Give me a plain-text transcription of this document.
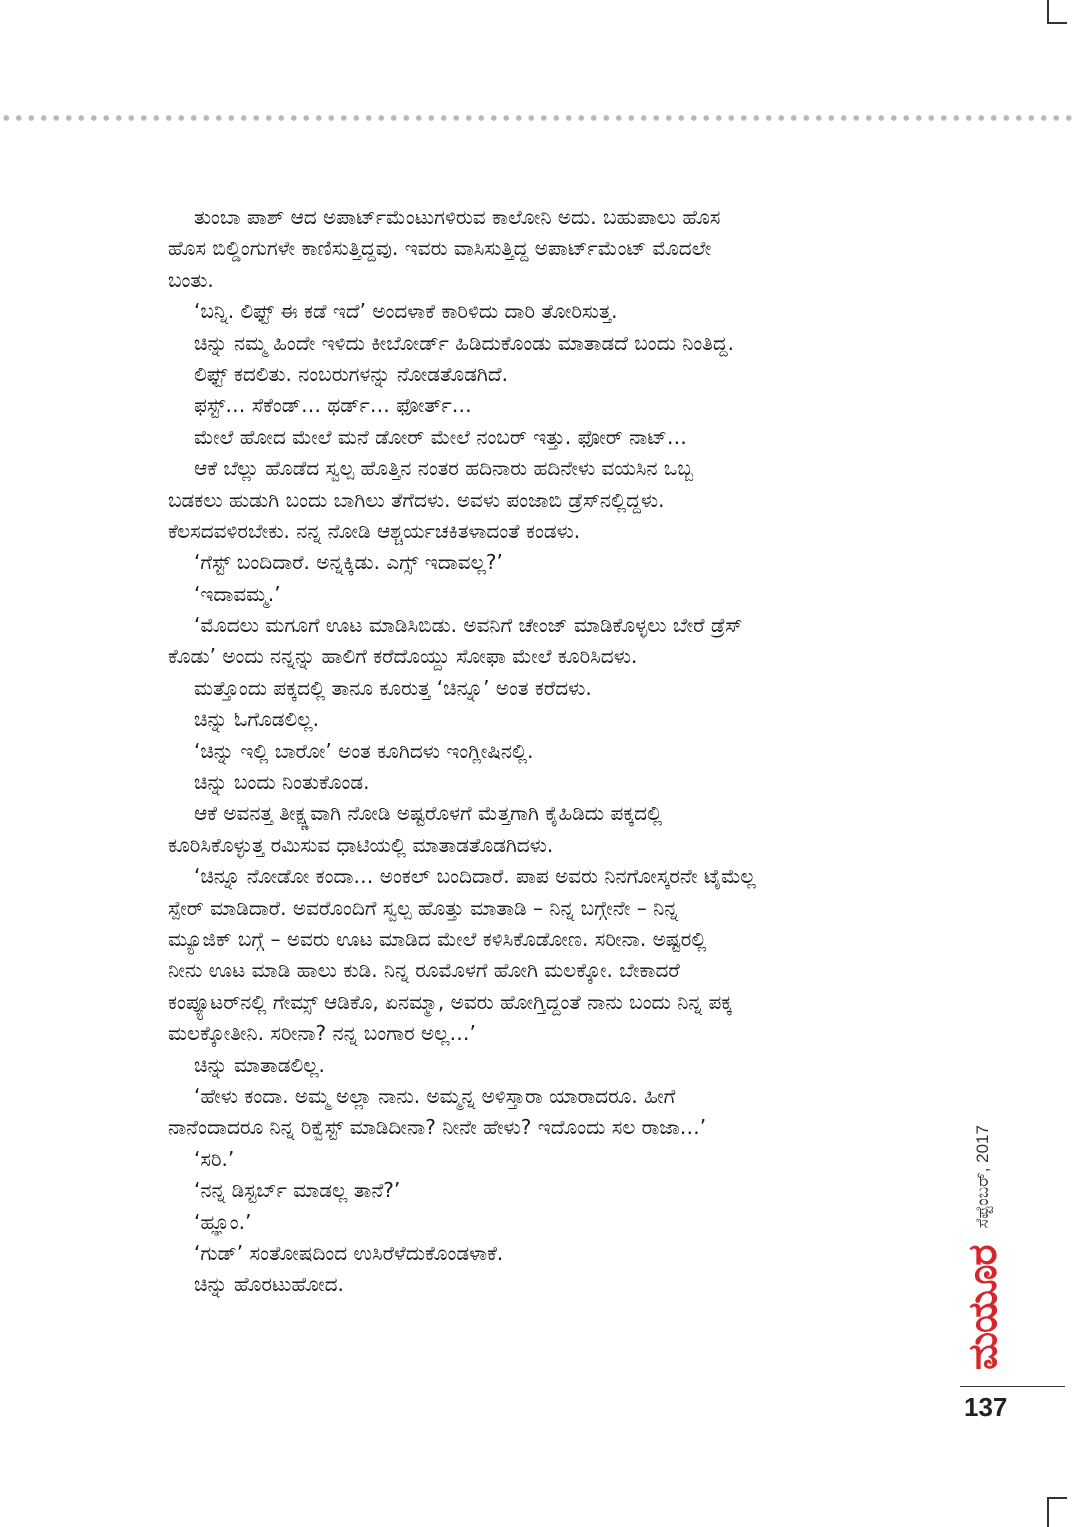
ತುಂಬಾ ಪಾಶ್ ಆದ ಅಪಾರ್ಟ್‌ಮೆಂಟುಗಳಿರುವ ಕಾಲೋನಿ ಅದು. ಬಹುಪಾಲು ಹೊಸ
ಹೊಸ ಬಿಲ್ಡಿಂಗುಗಳೇ ಕಾಣಿಸುತ್ತಿದ್ದವು. ಇವರು ವಾಸಿಸುತ್ತಿದ್ದ ಅಪಾರ್ಟ್‌ಮೆಂಟ್ ಮೊದಲೇ
ಬಂತು.
‘ಬನ್ನಿ. ಲಿಫ್ಟ್ ಈ ಕಡೆ ಇದೆ’ ಅಂದಳಾಕೆ ಕಾರಿಳಿದು ದಾರಿ ತೋರಿಸುತ್ತ.
ಚಿನ್ನು ನಮ್ಮ ಹಿಂದೇ ಇಳಿದು ಕೀಬೋರ್ಡ್ ಹಿಡಿದುಕೊಂಡು ಮಾತಾಡದೆ ಬಂದು ನಿಂತಿದ್ದ.
ಲಿಫ್ಟ್ ಕದಲಿತು. ನಂಬರುಗಳನ್ನು ನೋಡತೊಡಗಿದೆ.
ಫಸ್ಟ್… ಸೆಕೆಂಡ್… ಥರ್ಡ್… ಫೋರ್ತ್…
ಮೇಲೆ ಹೋದ ಮೇಲೆ ಮನೆ ಡೋರ್ ಮೇಲೆ ನಂಬರ್ ಇತ್ತು. ಫೋರ್ ನಾಟ್…
ಆಕೆ ಬೆಲ್ಲು ಹೊಡೆದ ಸ್ವಲ್ಪ ಹೊತ್ತಿನ ನಂತರ ಹದಿನಾರು ಹದಿನೇಳು ವಯಸಿನ ಒಬ್ಬ
ಬಡಕಲು ಹುಡುಗಿ ಬಂದು ಬಾಗಿಲು ತೆಗೆದಳು. ಅವಳು ಪಂಜಾಬಿ ಡ್ರೆಸ್‌ನಲ್ಲಿದ್ದಳು.
ಕೆಲಸದವಳಿರಬೇಕು. ನನ್ನ ನೋಡಿ ಆಶ್ಚರ್ಯಚಕಿತಳಾದಂತೆ ಕಂಡಳು.
‘ಗೆಸ್ಟ್ ಬಂದಿದಾರೆ. ಅನ್ನಕ್ಕಿಡು. ಎಗ್ಸ್ ಇದಾವಲ್ಲ?’
‘ಇದಾವಮ್ಮ.’
‘ಮೊದಲು ಮಗೂಗೆ ಊಟ ಮಾಡಿಸಿಬಿಡು. ಅವನಿಗೆ ಚೇಂಜ್ ಮಾಡಿಕೊಳ್ಳಲು ಬೇರೆ ಡ್ರೆಸ್
ಕೊಡು’ ಅಂದು ನನ್ನನ್ನು ಹಾಲಿಗೆ ಕರೆದೊಯ್ದು ಸೋಫಾ ಮೇಲೆ ಕೂರಿಸಿದಳು.
ಮತ್ತೊಂದು ಪಕ್ಕದಲ್ಲಿ ತಾನೂ ಕೂರುತ್ತ ‘ಚಿನ್ನೂ’ ಅಂತ ಕರೆದಳು.
ಚಿನ್ನು ಓಗೊಡಲಿಲ್ಲ.
‘ಚಿನ್ನು ಇಲ್ಲಿ ಬಾರೋ’ ಅಂತ ಕೂಗಿದಳು ಇಂಗ್ಲೀಷಿನಲ್ಲಿ.
ಚಿನ್ನು ಬಂದು ನಿಂತುಕೊಂಡ.
ಆಕೆ ಅವನತ್ತ ತೀಕ್ಷ್ಣವಾಗಿ ನೋಡಿ ಅಷ್ಟರೊಳಗೆ ಮೆತ್ತಗಾಗಿ ಕೈಹಿಡಿದು ಪಕ್ಕದಲ್ಲಿ
ಕೂರಿಸಿಕೊಳ್ಳುತ್ತ ರಮಿಸುವ ಧಾಟಿಯಲ್ಲಿ ಮಾತಾಡತೊಡಗಿದಳು.
‘ಚಿನ್ನೂ ನೋಡೋ ಕಂದಾ… ಅಂಕಲ್ ಬಂದಿದಾರೆ. ಪಾಪ ಅವರು ನಿನಗೋಸ್ಕರನೇ ಟೈಮೆಲ್ಲ
ಸ್ಪೇರ್ ಮಾಡಿದಾರೆ. ಅವರೊಂದಿಗೆ ಸ್ವಲ್ಪ ಹೊತ್ತು ಮಾತಾಡಿ – ನಿನ್ನ ಬಗ್ಗೇನೇ – ನಿನ್ನ
ಮ್ಯೂಜಿಕ್ ಬಗ್ಗೆ – ಅವರು ಊಟ ಮಾಡಿದ ಮೇಲೆ ಕಳಿಸಿಕೊಡೋಣ. ಸರೀನಾ. ಅಷ್ಟರಲ್ಲಿ
ನೀನು ಊಟ ಮಾಡಿ ಹಾಲು ಕುಡಿ. ನಿನ್ನ ರೂಮೊಳಗೆ ಹೋಗಿ ಮಲಕ್ಕೋ. ಬೇಕಾದರೆ
ಕಂಪ್ಯೂಟರ್‌ನಲ್ಲಿ ಗೇಮ್ಸ್ ಆಡಿಕೊ, ಏನಮ್ಮಾ, ಅವರು ಹೋಗ್ತಿದ್ದಂತೆ ನಾನು ಬಂದು ನಿನ್ನ ಪಕ್ಕ
ಮಲಕ್ಕೋತೀನಿ. ಸರೀನಾ? ನನ್ನ ಬಂಗಾರ ಅಲ್ಲ…’
ಚಿನ್ನು ಮಾತಾಡಲಿಲ್ಲ.
‘ಹೇಳು ಕಂದಾ. ಅಮ್ಮ ಅಲ್ಲಾ ನಾನು. ಅಮ್ಮನ್ನ ಅಳಿಸ್ತಾರಾ ಯಾರಾದರೂ. ಹೀಗೆ
ನಾನೆಂದಾದರೂ ನಿನ್ನ ರಿಕ್ವೆಸ್ಟ್ ಮಾಡಿದೀನಾ? ನೀನೇ ಹೇಳು? ಇದೊಂದು ಸಲ ರಾಜಾ…’
‘ಸರಿ.’
‘ನನ್ನ ಡಿಸ್ಟರ್ಬ್ ಮಾಡಲ್ಲ ತಾನೆ?’
‘ಹ್ಞೂಂ.’
‘ಗುಡ್’ ಸಂತೋಷದಿಂದ ಉಸಿರೆಳೆದುಕೊಂಡಳಾಕೆ.
ಚಿನ್ನು ಹೊರಟುಹೋದ.	ಮಯೂರ ಸೆಪ್ಟೆಂಬರ್, 2017
137
